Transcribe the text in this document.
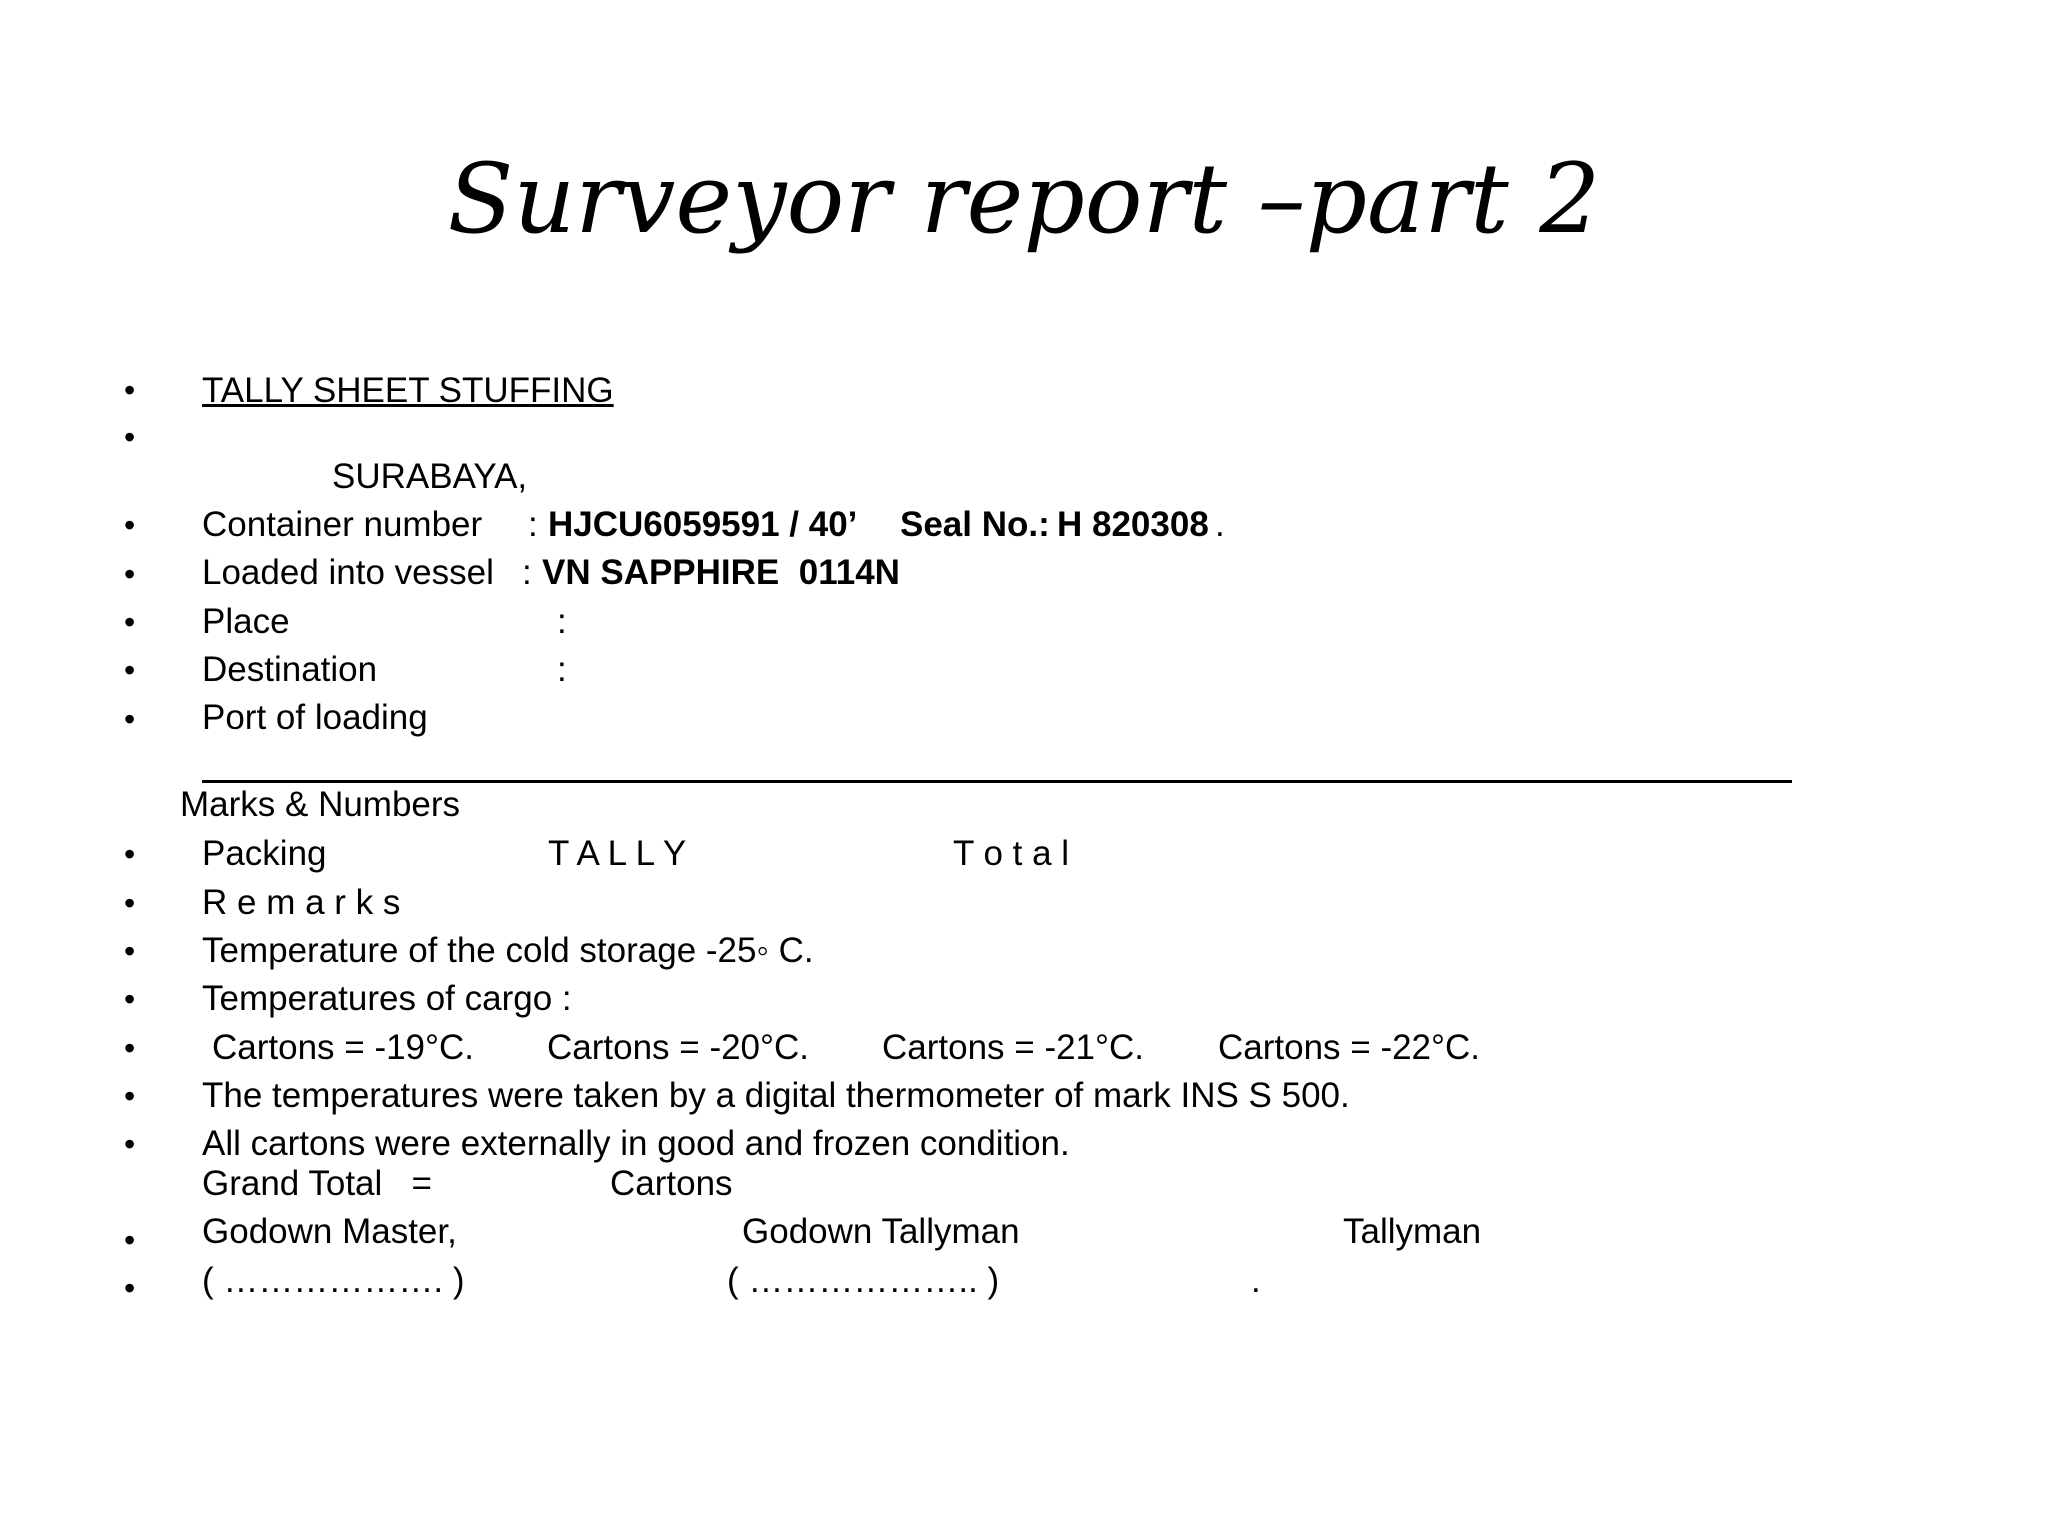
Surveyor report –part 2
•
•
•
•
•
•
•
•
•
•
•
•
•
•
•
•
TALLY SHEET STUFFING
SURABAYA,
Container number : HJCU6059591 / 40’ Seal No.: H 820308 .
Loaded into vessel : VN SAPPHIRE  0114N
Place	:
Destination	:
Port of loading
Marks & Numbers
Packing	T A L L Y	T o t a l
R e m a r k s
Temperature of the cold storage -25◦ C.
Temperatures of cargo :
Cartons = -19°C. Cartons = -20°C. Cartons = -21°C. Cartons = -22°C.
The temperatures were taken by a digital thermometer of mark INS S 500.
All cartons were externally in good and frozen condition.
Grand Total   =	Cartons
Godown Master,	Godown Tallyman	Tallyman
( ………………. )	( ……………….. )	.
